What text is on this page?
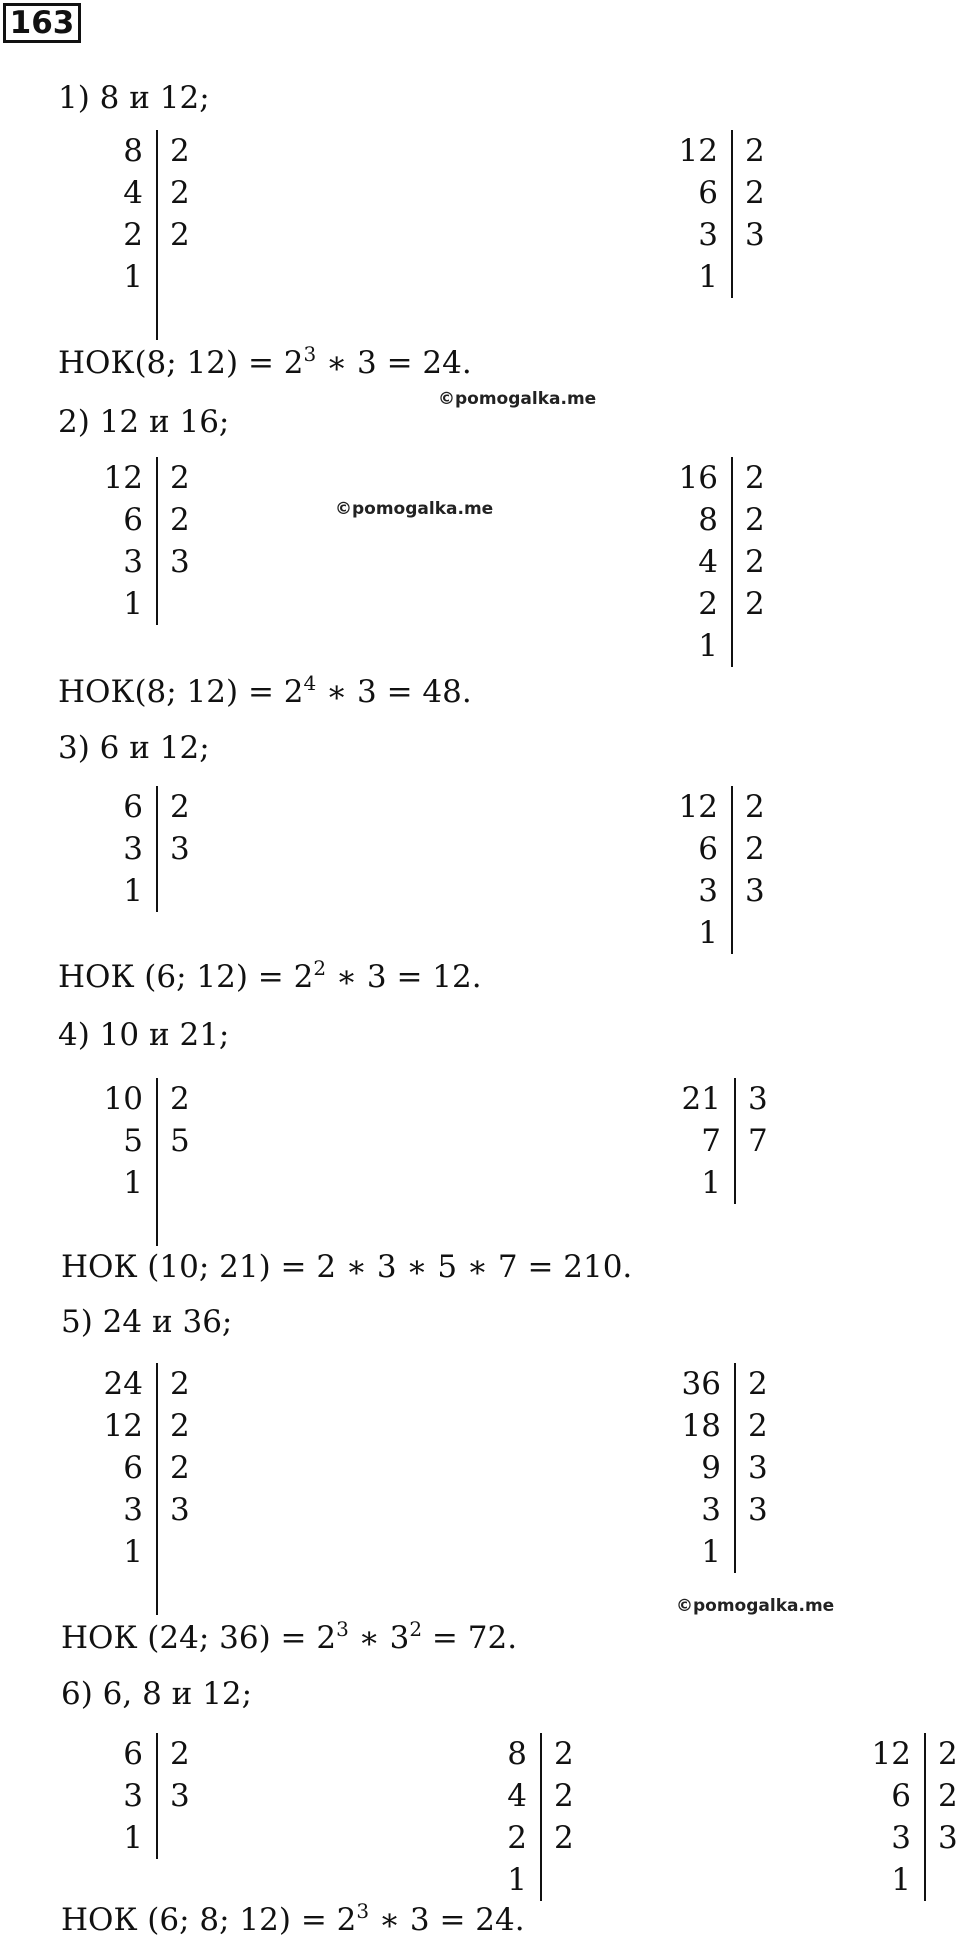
163
1) 8 и 12;
8
4
2
1
2
2
2
12
6
3
1
2
2
3
НОК(8; $12) = 2^3$ ∗ 3 = 24.
©pomogalka.me
2) 12 и 16;
12
6
3
1
2
2
3
©pomogalka.me
16
8
4
2
1
2
2
2
2
НОК(8; $12) = 2^4$ ∗ 3 = 48.
3) 6 и 12;
6
3
1
2
3
12
6
3
1
2
2
3
НОК (6; $12) = 2^2$ ∗ 3 = 12.
4) 10 и 21;
10
5
1
2
5
21
7
1
3
7
НОК (10; 21) = 2 ∗ 3 ∗ 5 ∗ 7 = 210.
5) 24 и 36;
24
12
6
3
1
2
2
2
3
36
18
9
3
1
2
2
3
3
©pomogalka.me
НОК (24; $36) = 2^3$ ∗ $3^2 = 72$.
6) 6, 8 и 12;
6
3
1
2
3
8
4
2
1
2
2
2
12
6
3
1
2
2
3
НОК (6; 8; $12) = 2^3$ ∗ 3 = 24.
